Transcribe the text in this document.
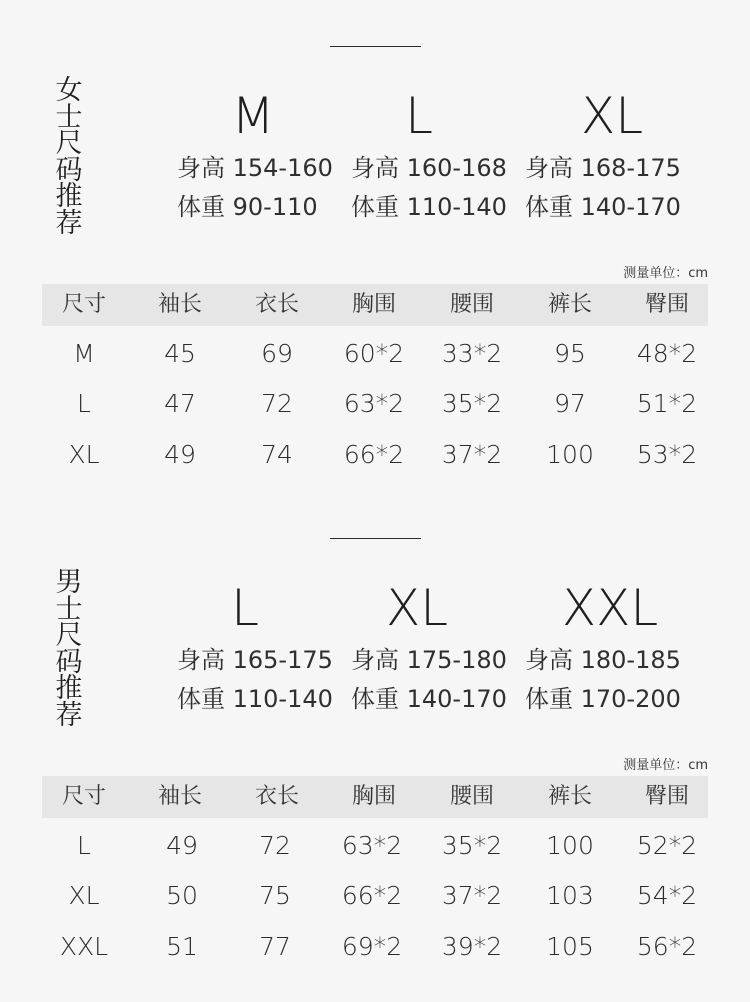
女
士
尺
码
推
荐
M	L	XL
身高 154-160 身高 160-168 身高 168-175
体重 90-110 体重 110-140 体重 140-170
测量单位：cm
尺寸	袖长	衣长	胸围	腰围	裤长	臀围
M	45	69	60*2	33*2	95	48*2
L	47	72	63*2	35*2	97	51*2
XL	49	74	66*2	37*2	100	53*2
男
士
尺
码
推
荐
L	XL	XXL
身高 165-175 身高 175-180 身高 180-185
体重 110-140 体重 140-170 体重 170-200
测量单位：cm
尺寸	袖长	衣长	胸围	腰围	裤长	臀围
L	49	72	63*2	35*2	100	52*2
XL	50	75	66*2	37*2	103	54*2
XXL	51	77	69*2	39*2	105	56*2
